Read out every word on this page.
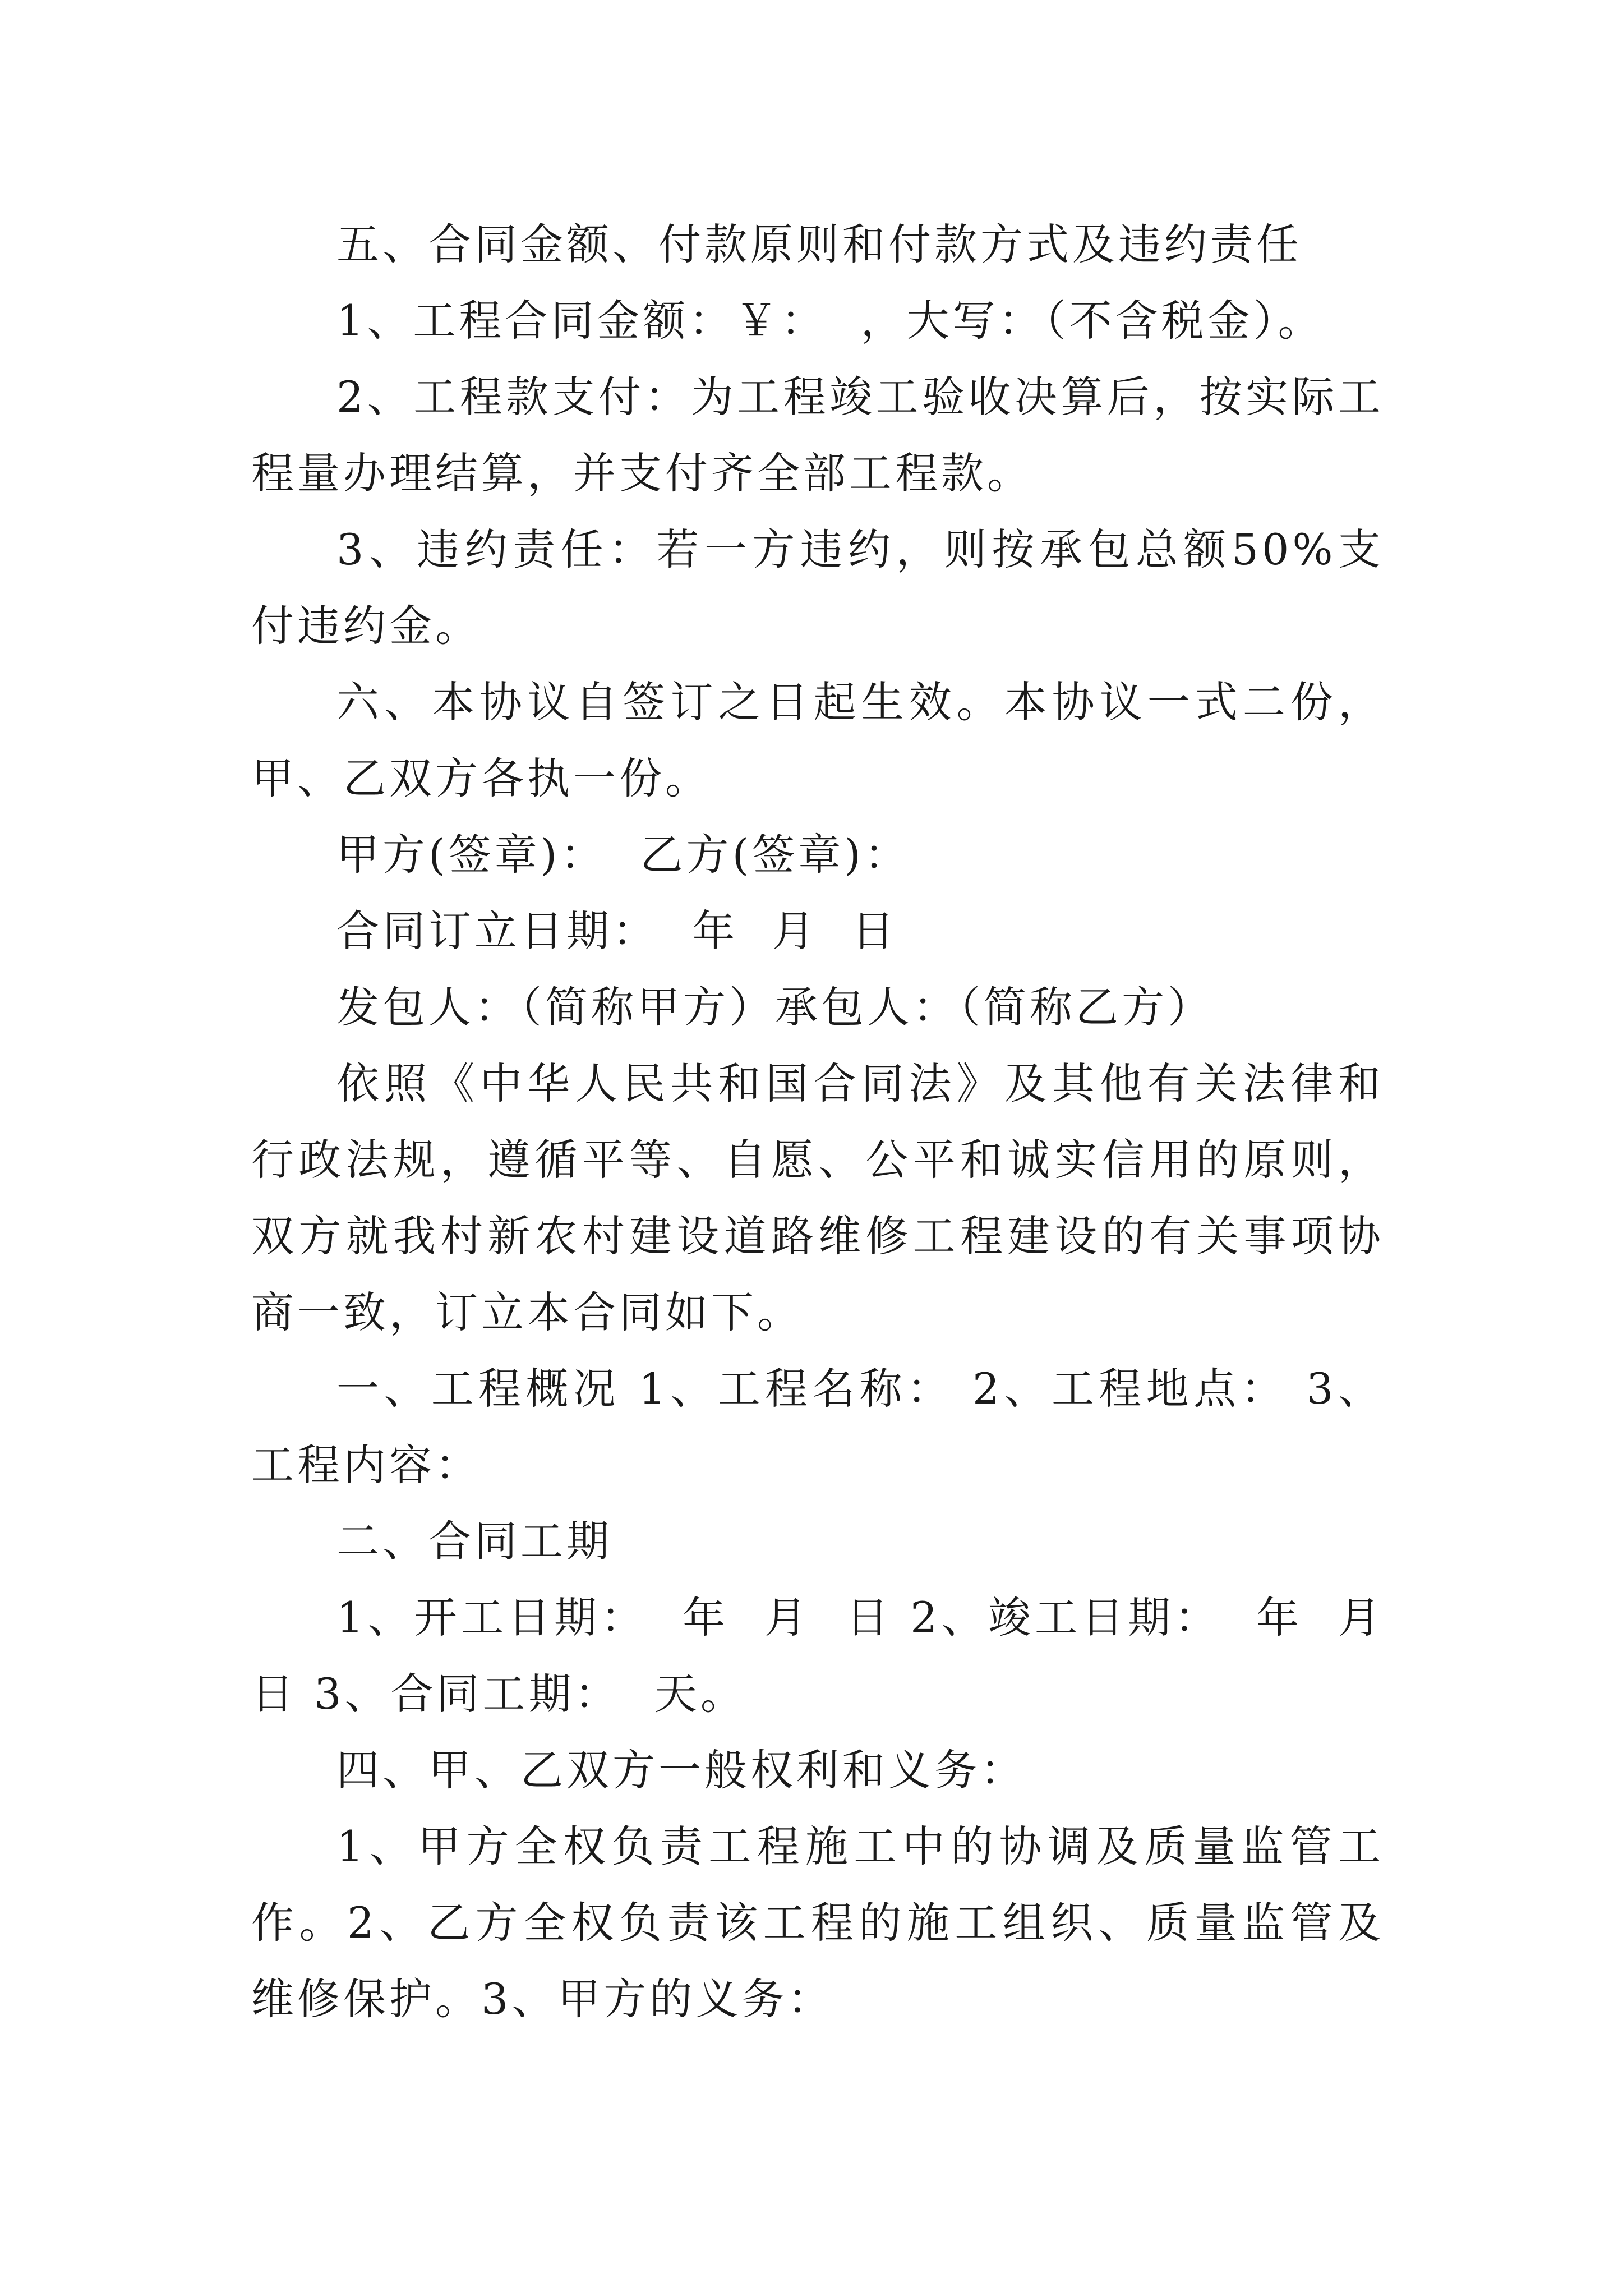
五、合同金额、付款原则和付款方式及违约责任

1、工程合同金额：￥：  ，大写：（不含税金）。

2、工程款支付：为工程竣工验收决算后，按实际工程量办理结算，并支付齐全部工程款。

3、违约责任：若一方违约，则按承包总额50%支付违约金。

六、本协议自签订之日起生效。本协议一式二份，甲、乙双方各执一份。

甲方(签章)：  乙方(签章)：

合同订立日期：  年  月  日

发包人：（简称甲方）承包人：（简称乙方）

依照《中华人民共和国合同法》及其他有关法律和行政法规，遵循平等、自愿、公平和诚实信用的原则，双方就我村新农村建设道路维修工程建设的有关事项协商一致，订立本合同如下。

一、工程概况 1、工程名称： 2、工程地点： 3、工程内容：

二、合同工期

1、开工日期：  年  月  日 2、竣工日期：  年  月  日 3、合同工期：  天。

四、甲、乙双方一般权利和义务：

1、甲方全权负责工程施工中的协调及质量监管工作。2、乙方全权负责该工程的施工组织、质量监管及维修保护。3、甲方的义务：
